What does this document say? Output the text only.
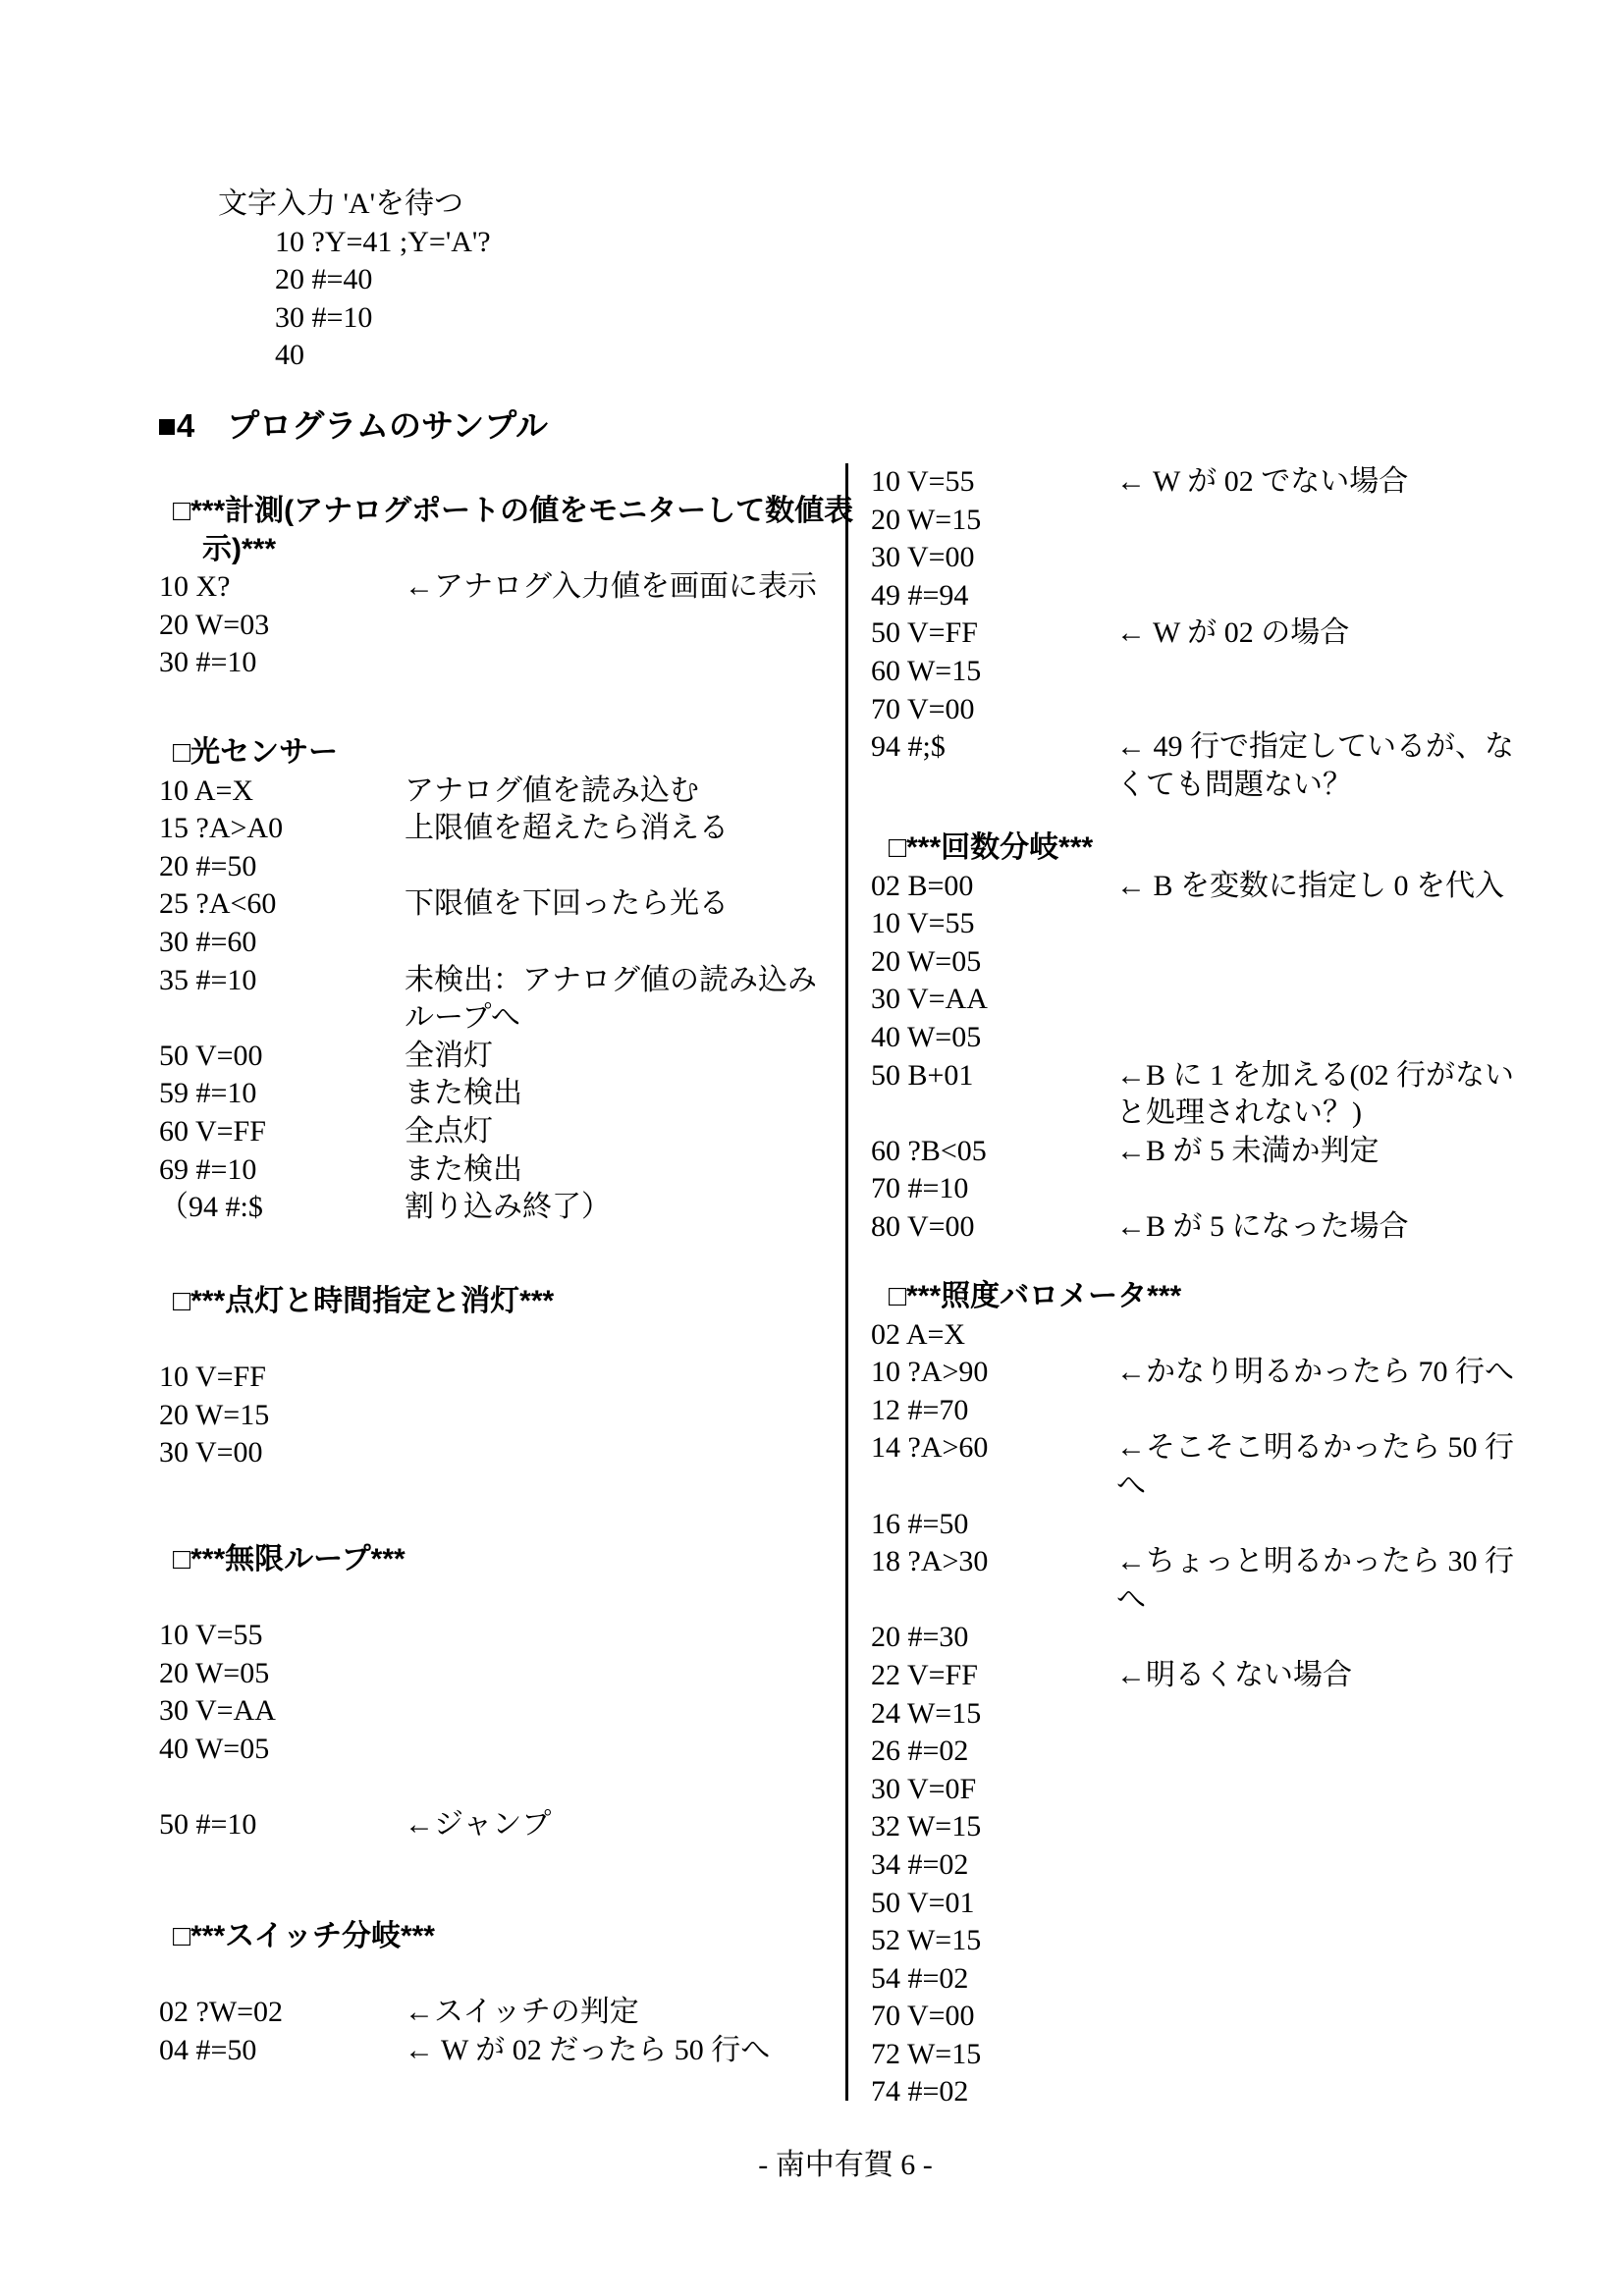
文字入力 'A'を待つ
10 ?Y=41 ;Y='A'?
20 #=40
30 #=10
40
■4　プログラムのサンプル
□***計測(アナログポートの値をモニターして数値表
示)***
10 X?	←アナログ入力値を画面に表示
20 W=03
30 #=10
□光センサー
10 A=X	アナログ値を読み込む
15 ?A>A0	上限値を超えたら消える
20 #=50
25 ?A<60	下限値を下回ったら光る
30 #=60
35 #=10	未検出：アナログ値の読み込み
ループへ
50 V=00	全消灯
59 #=10	また検出
60 V=FF	全点灯
69 #=10	また検出
（94 #:$	割り込み終了）
□***点灯と時間指定と消灯***
10 V=FF
20 W=15
30 V=00
□***無限ループ***
10 V=55
20 W=05
30 V=AA
40 W=05
50 #=10	←ジャンプ
□***スイッチ分岐***
02 ?W=02	←スイッチの判定
04 #=50	← W が 02 だったら 50 行へ
10 V=55	← W が 02 でない場合
20 W=15
30 V=00
49 #=94
50 V=FF	← W が 02 の場合
60 W=15
70 V=00
94 #;$	← 49 行で指定しているが、な
くても問題ない？
□***回数分岐***
02 B=00	← B を変数に指定し 0 を代入
10 V=55
20 W=05
30 V=AA
40 W=05
50 B+01	←B に 1 を加える(02 行がない
と処理されない？)
60 ?B<05	←B が 5 未満か判定
70 #=10
80 V=00	←B が 5 になった場合
□***照度バロメータ***
02 A=X
10 ?A>90	←かなり明るかったら 70 行へ
12 #=70
14 ?A>60	←そこそこ明るかったら 50 行
へ
16 #=50
18 ?A>30	←ちょっと明るかったら 30 行
へ
20 #=30
22 V=FF	←明るくない場合
24 W=15
26 #=02
30 V=0F
32 W=15
34 #=02
50 V=01
52 W=15
54 #=02
70 V=00
72 W=15
74 #=02
- 南中有賀 6 -
